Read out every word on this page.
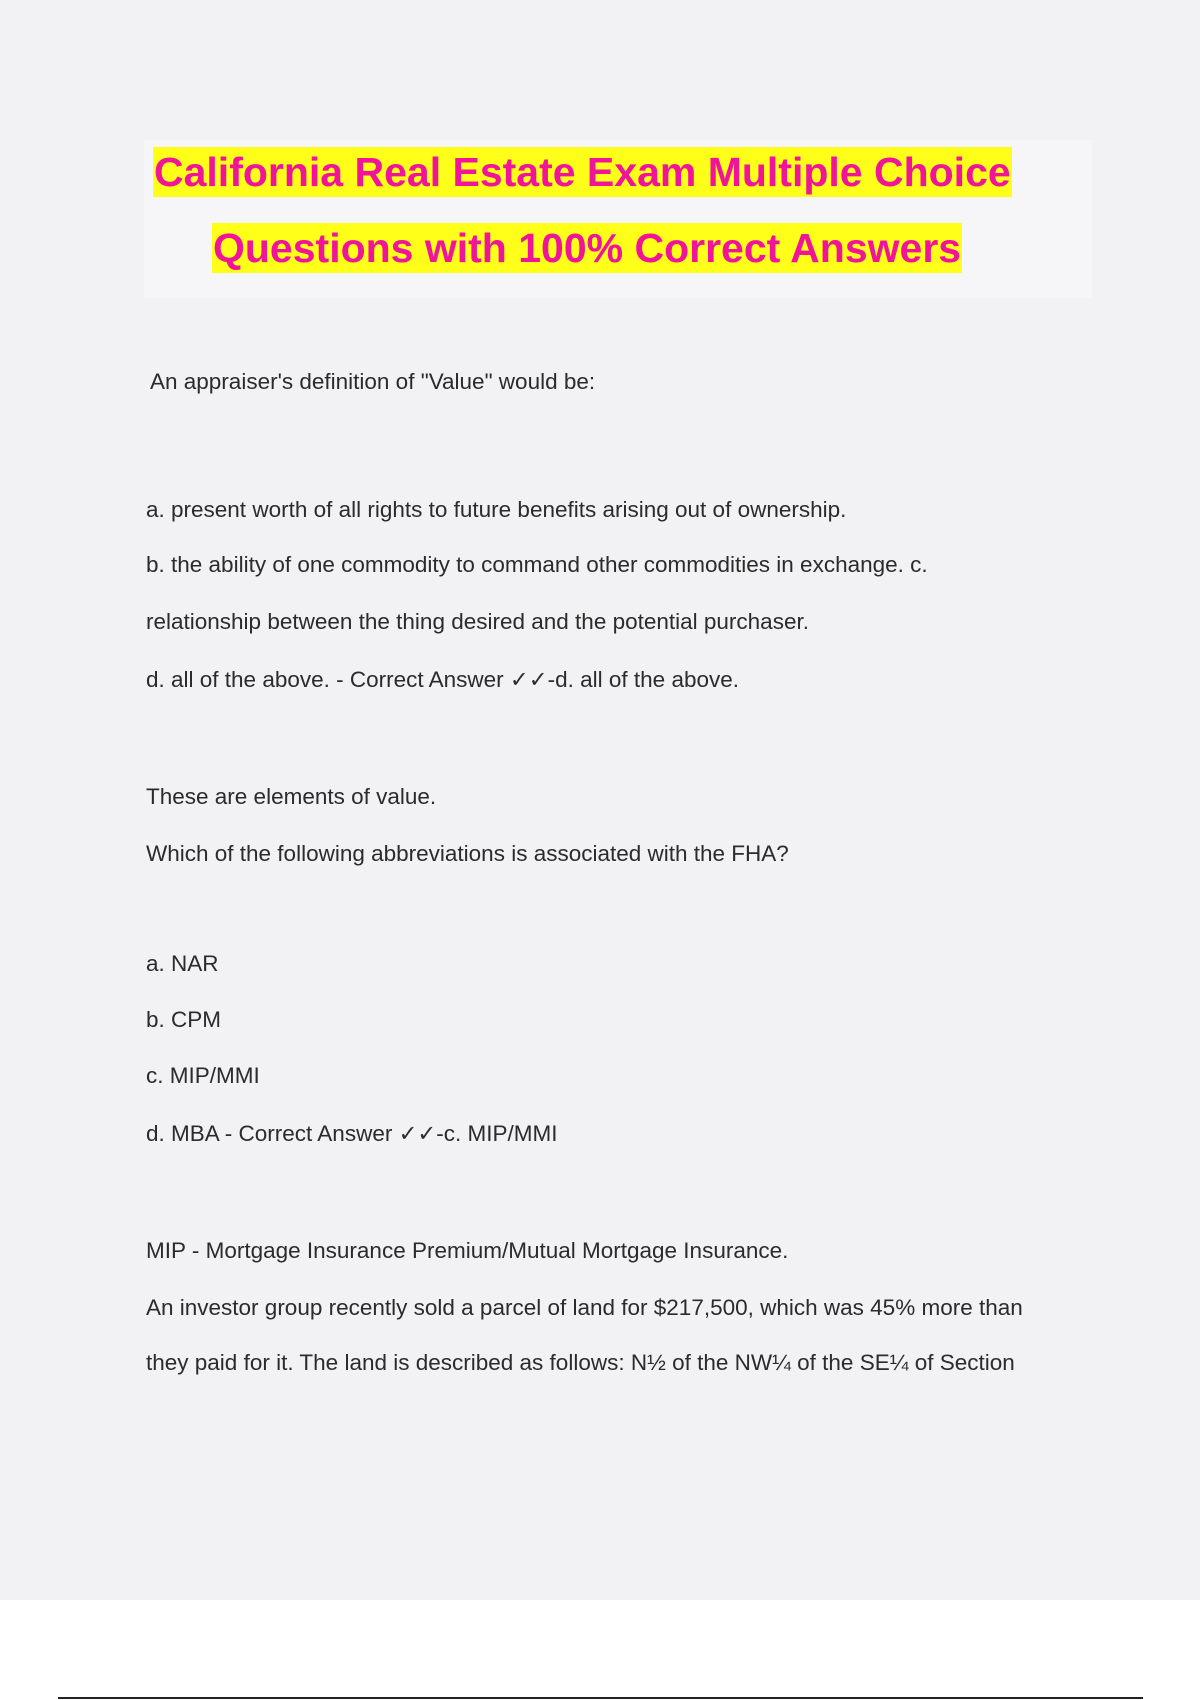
California Real Estate Exam Multiple Choice
Questions with 100% Correct Answers
An appraiser's definition of "Value" would be:
a. present worth of all rights to future benefits arising out of ownership.
b. the ability of one commodity to command other commodities in exchange. c.
relationship between the thing desired and the potential purchaser.
d. all of the above. - Correct Answer ✓✓-d. all of the above.
These are elements of value.
Which of the following abbreviations is associated with the FHA?
a. NAR
b. CPM
c. MIP/MMI
d. MBA - Correct Answer ✓✓-c. MIP/MMI
MIP - Mortgage Insurance Premium/Mutual Mortgage Insurance.
An investor group recently sold a parcel of land for $217,500, which was 45% more than
they paid for it. The land is described as follows: N½ of the NW¼ of the SE¼ of Section
